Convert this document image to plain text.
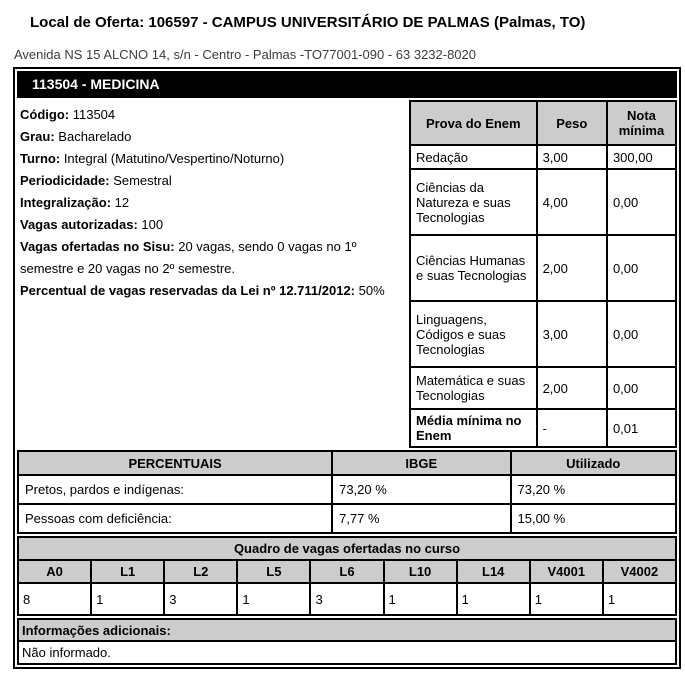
Local de Oferta: 106597 - CAMPUS UNIVERSITÁRIO DE PALMAS (Palmas, TO)
Avenida NS 15 ALCNO 14, s/n - Centro - Palmas -TO77001-090 - 63 3232-8020
113504 - MEDICINA
Código: 113504
Grau: Bacharelado
Turno: Integral (Matutino/Vespertino/Noturno)
Periodicidade: Semestral
Integralização: 12
Vagas autorizadas: 100
Vagas ofertadas no Sisu: 20 vagas, sendo 0 vagas no 1º semestre e 20 vagas no 2º semestre.
Percentual de vagas reservadas da Lei nº 12.711/2012: 50%
Prova do Enem	Peso	Nota mínima
Redação	3,00	300,00
Ciências da Natureza e suas Tecnologias	4,00	0,00
Ciências Humanas e suas Tecnologias	2,00	0,00
Linguagens, Códigos e suas Tecnologias	3,00	0,00
Matemática e suas Tecnologias	2,00	0,00
Média mínima no Enem	-	0,01
PERCENTUAIS	IBGE	Utilizado
Pretos, pardos e indígenas:	73,20 %	73,20 %
Pessoas com deficiência:	7,77 %	15,00 %
Quadro de vagas ofertadas no curso								
A0	L1	L2	L5	L6	L10	L14	V4001	V4002
8	1	3	1	3	1	1	1	1
Informações adicionais:
Não informado.
